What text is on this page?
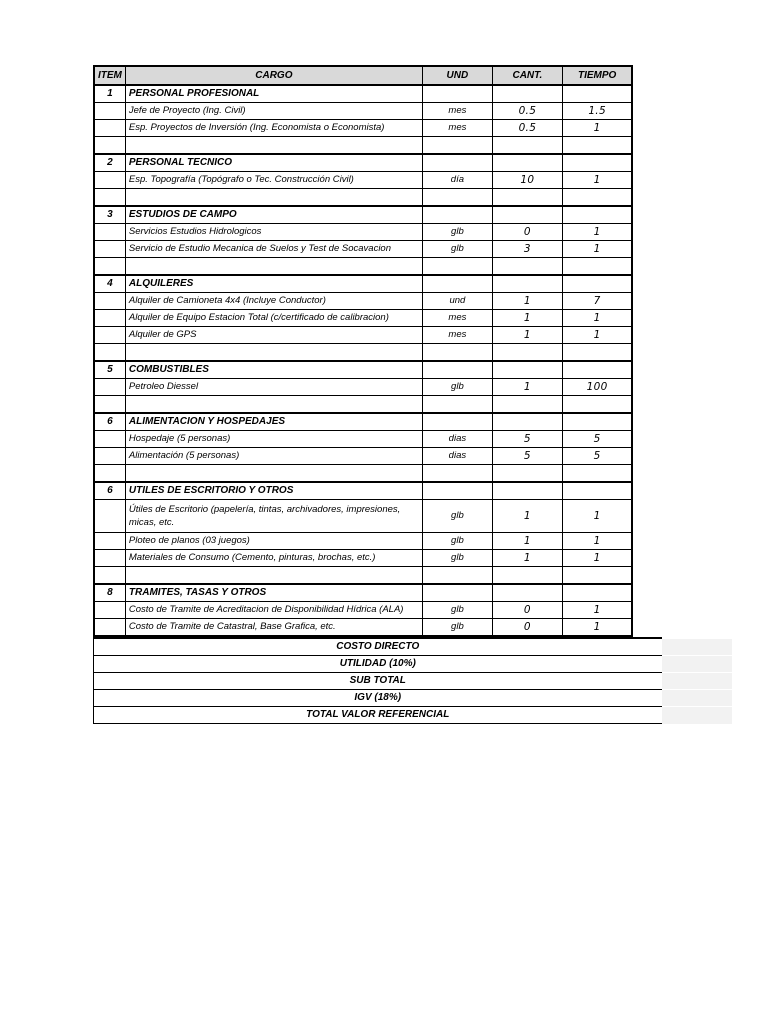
ITEM	CARGO	UND	CANT.	TIEMPO
1	PERSONAL PROFESIONAL			
	Jefe de Proyecto (Ing. Civil)	mes	0.5	1.5
	Esp. Proyectos de Inversión (Ing. Economista o Economista)	mes	0.5	1

2	PERSONAL TECNICO			
	Esp. Topografía (Topógrafo o Tec. Construcción Civil)	día	10	1

3	ESTUDIOS DE CAMPO			
	Servicios Estudios Hidrologicos	glb	0	1
	Servicio de Estudio Mecanica de Suelos y Test de Socavacion	glb	3	1

4	ALQUILERES			
	Alquiler de Camioneta 4x4 (Incluye Conductor)	und	1	7
	Alquiler de Equipo Estacion Total (c/certificado de calibracion)	mes	1	1
	Alquiler de GPS	mes	1	1

5	COMBUSTIBLES			
	Petroleo Diessel	glb	1	100

6	ALIMENTACION Y HOSPEDAJES			
	Hospedaje (5 personas)	dias	5	5
	Alimentación (5 personas)	dias	5	5

6	UTILES DE ESCRITORIO Y OTROS			
	Útiles de Escritorio (papelería, tintas, archivadores, impresiones, micas, etc.	glb	1	1
	Ploteo de planos (03 juegos)	glb	1	1
	Materiales de Consumo (Cemento, pinturas, brochas, etc.)	glb	1	1

8	TRAMITES, TASAS Y OTROS			
	Costo de Tramite de Acreditacion de Disponibilidad Hídrica (ALA)	glb	0	1
	Costo de Tramite de Catastral, Base Grafica, etc.	glb	0	1
COSTO DIRECTO	
UTILIDAD (10%)	
SUB TOTAL	
IGV (18%)	
TOTAL VALOR REFERENCIAL	
